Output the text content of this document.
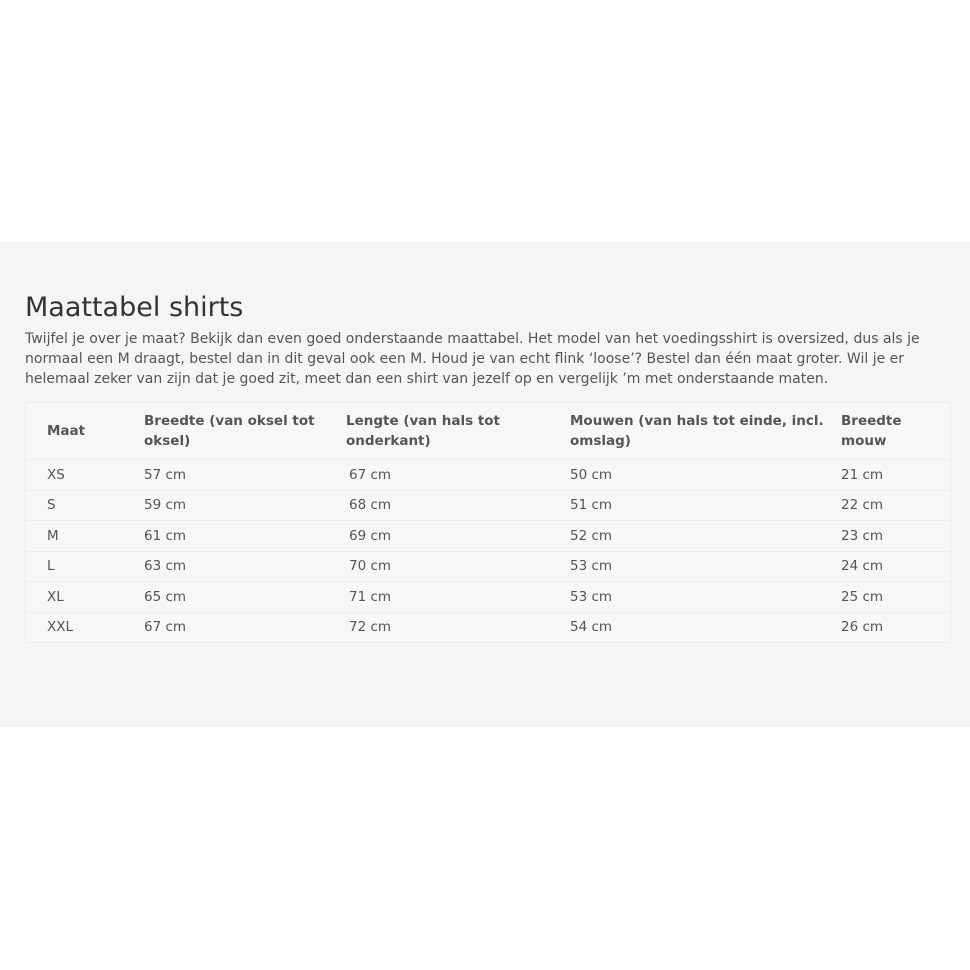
Maattabel shirts

Twijfel je over je maat? Bekijk dan even goed onderstaande maattabel. Het model van het voedingsshirt is oversized, dus als je normaal een M draagt, bestel dan in dit geval ook een M. Houd je van echt flink ‘loose’? Bestel dan één maat groter. Wil je er helemaal zeker van zijn dat je goed zit, meet dan een shirt van jezelf op en vergelijk ’m met onderstaande maten.

Maat	Breedte (van oksel tot oksel)	Lengte (van hals tot onderkant)	Mouwen (van hals tot einde, incl. omslag)	Breedte mouw
XS	57 cm	67 cm	50 cm	21 cm
S	59 cm	68 cm	51 cm	22 cm
M	61 cm	69 cm	52 cm	23 cm
L	63 cm	70 cm	53 cm	24 cm
XL	65 cm	71 cm	53 cm	25 cm
XXL	67 cm	72 cm	54 cm	26 cm
